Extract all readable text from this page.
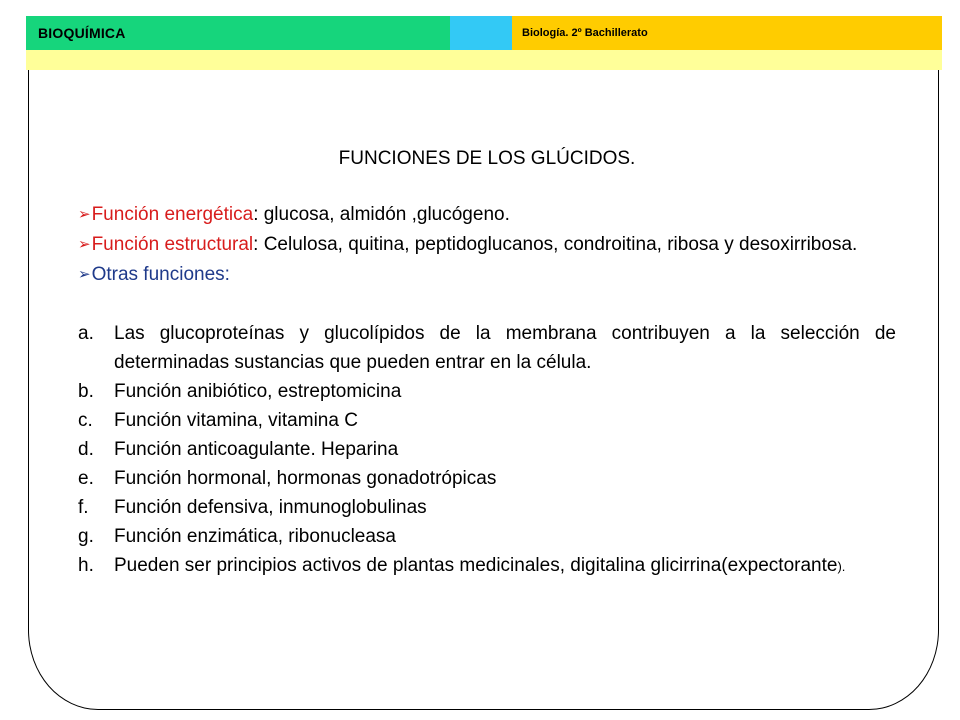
BIOQUÍMICA	Biología. 2º Bachillerato

FUNCIONES DE LOS GLÚCIDOS.

➢Función energética: glucosa, almidón ,glucógeno.

➢Función estructural: Celulosa, quitina, peptidoglucanos, condroitina, ribosa y desoxirribosa.

➢Otras funciones:

a. Las glucoproteínas y glucolípidos de la membrana contribuyen a la selección de determinadas sustancias que pueden entrar en la célula.
b. Función anibiótico, estreptomicina
c. Función vitamina, vitamina C
d. Función anticoagulante. Heparina
e. Función hormonal, hormonas gonadotrópicas
f. Función defensiva, inmunoglobulinas
g. Función enzimática, ribonucleasa
h. Pueden ser principios activos de plantas medicinales, digitalina glicirrina(expectorante).
